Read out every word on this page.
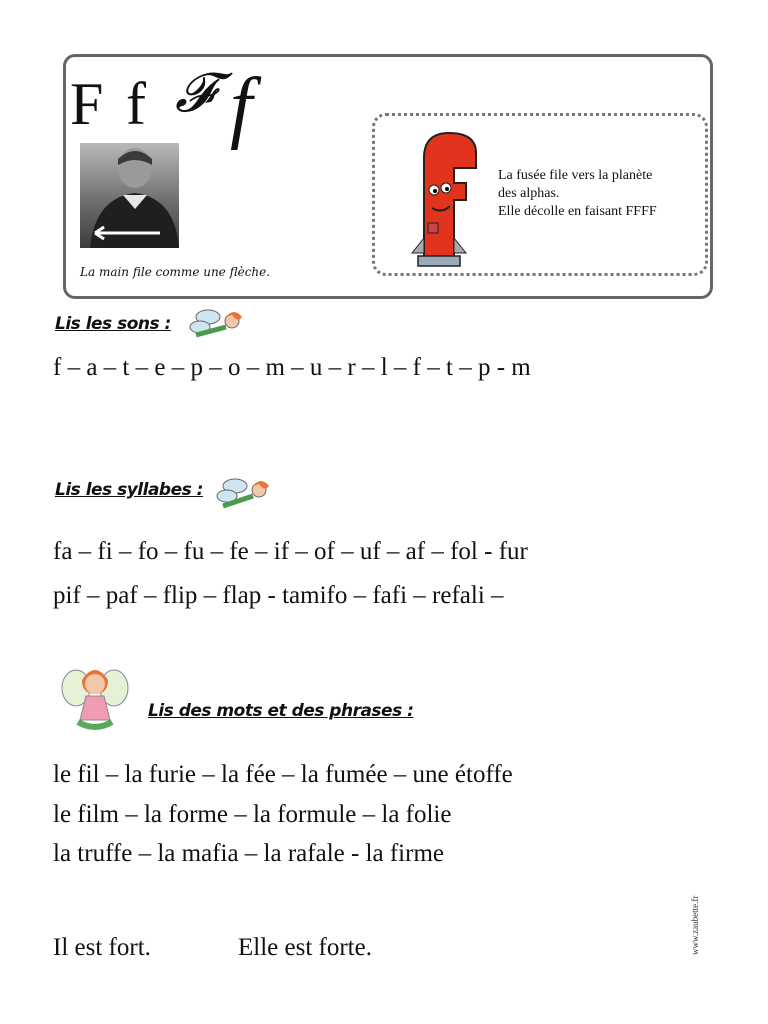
F f 𝓕 f
La main file comme une flèche.
La fusée file vers la planète
des alphas.
Elle décolle en faisant FFFF
Lis les sons :
f – a – t – e – p – o – m – u – r – l – f – t – p - m
Lis les syllabes :
fa – fi – fo – fu – fe – if – of – uf – af – fol - fur
pif – paf – flip – flap - tamifo – fafi – refali –
Lis des mots et des phrases :
le fil – la furie – la fée – la fumée – une étoffe
le film – la forme – la formule – la folie
la truffe – la mafia – la rafale - la firme
Il est fort.	Elle est forte.	www.zaubette.fr
